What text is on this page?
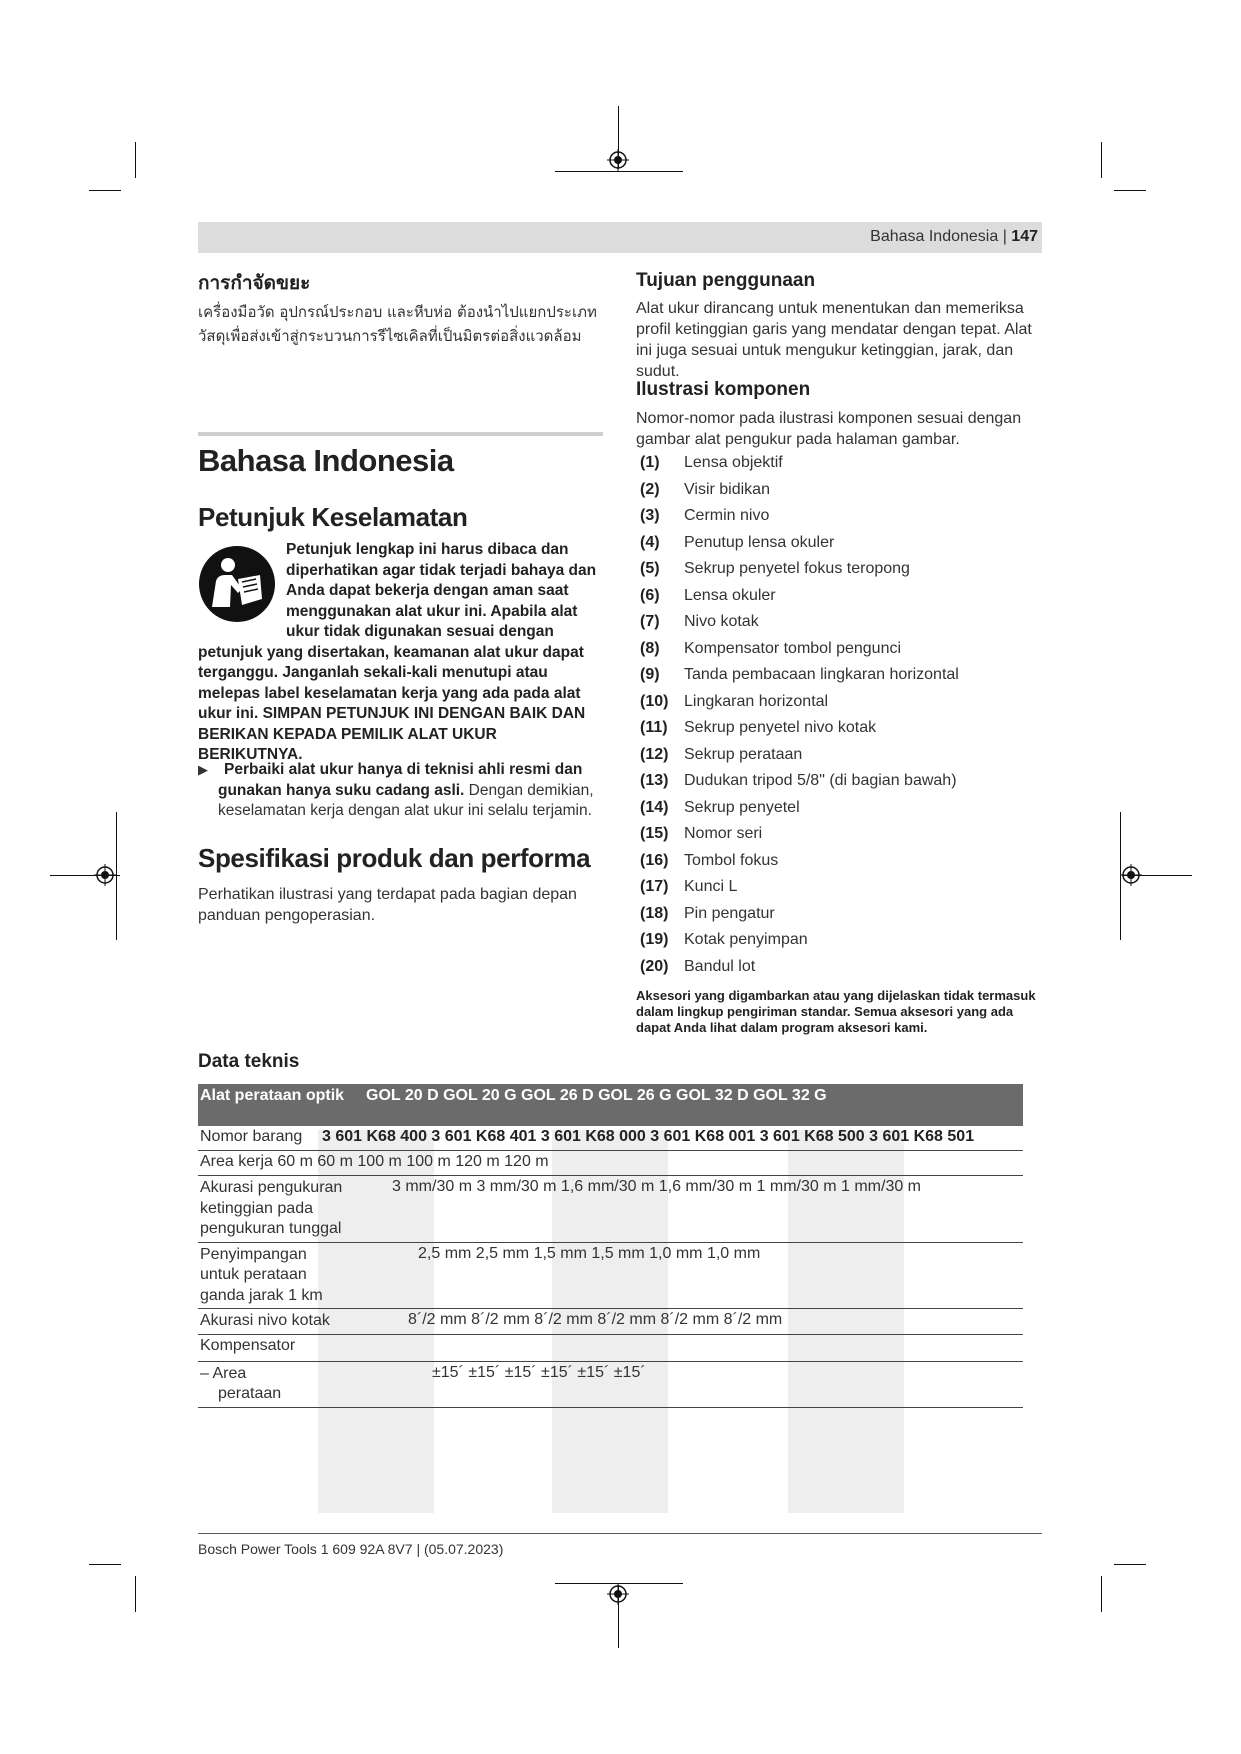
Bahasa Indonesia | 147
การกำจัดขยะ
เครื่องมือวัด อุปกรณ์ประกอบ และหีบห่อ ต้องนำไปแยกประเภทวัสดุเพื่อส่งเข้าสู่กระบวนการรีไซเคิลที่เป็นมิตรต่อสิ่งแวดล้อม
Bahasa Indonesia
Petunjuk Keselamatan
Petunjuk lengkap ini harus dibaca dan diperhatikan agar tidak terjadi bahaya dan Anda dapat bekerja dengan aman saat menggunakan alat ukur ini. Apabila alat ukur tidak digunakan sesuai dengan petunjuk yang disertakan, keamanan alat ukur dapat terganggu. Janganlah sekali-kali menutupi atau melepas label keselamatan kerja yang ada pada alat ukur ini. SIMPAN PETUNJUK INI DENGAN BAIK DAN BERIKAN KEPADA PEMILIK ALAT UKUR BERIKUTNYA.
▶	Perbaiki alat ukur hanya di teknisi ahli resmi dan gunakan hanya suku cadang asli. Dengan demikian, keselamatan kerja dengan alat ukur ini selalu terjamin.
Spesifikasi produk dan performa
Perhatikan ilustrasi yang terdapat pada bagian depan panduan pengoperasian.
Tujuan penggunaan
Alat ukur dirancang untuk menentukan dan memeriksa profil ketinggian garis yang mendatar dengan tepat. Alat ini juga sesuai untuk mengukur ketinggian, jarak, dan sudut.
Ilustrasi komponen
Nomor-nomor pada ilustrasi komponen sesuai dengan gambar alat pengukur pada halaman gambar.
(1)	Lensa objektif
(2)	Visir bidikan
(3)	Cermin nivo
(4)	Penutup lensa okuler
(5)	Sekrup penyetel fokus teropong
(6)	Lensa okuler
(7)	Nivo kotak
(8)	Kompensator tombol pengunci
(9)	Tanda pembacaan lingkaran horizontal
(10) Lingkaran horizontal
(11)	Sekrup penyetel nivo kotak
(12) Sekrup perataan
(13) Dudukan tripod 5/8" (di bagian bawah)
(14) Sekrup penyetel
(15) Nomor seri
(16) Tombol fokus
(17) Kunci L
(18) Pin pengatur
(19) Kotak penyimpan
(20) Bandul lot
Aksesori yang digambarkan atau yang dijelaskan tidak termasuk dalam lingkup pengiriman standar. Semua aksesori yang ada dapat Anda lihat dalam program aksesori kami.
Data teknis
Alat perataan optik	GOL 20 D GOL 20 G GOL 26 D GOL 26 G GOL 32 D GOL 32 G
Nomor barang	3 601 K68 400 3 601 K68 401 3 601 K68 000 3 601 K68 001 3 601 K68 500 3 601 K68 501
Area kerja 60 m 60 m 100 m 100 m 120 m 120 m
Akurasi pengukuran ketinggian pada pengukuran tunggal	3 mm/30 m 3 mm/30 m 1,6 mm/30 m 1,6 mm/30 m 1 mm/30 m 1 mm/30 m
Penyimpangan untuk perataan ganda jarak 1 km	2,5 mm 2,5 mm 1,5 mm 1,5 mm 1,0 mm 1,0 mm
Akurasi nivo kotak	8´/2 mm 8´/2 mm 8´/2 mm 8´/2 mm 8´/2 mm 8´/2 mm
Kompensator

– Area perataan	±15´ ±15´ ±15´ ±15´ ±15´ ±15´
Bosch Power Tools 1 609 92A 8V7 | (05.07.2023)
